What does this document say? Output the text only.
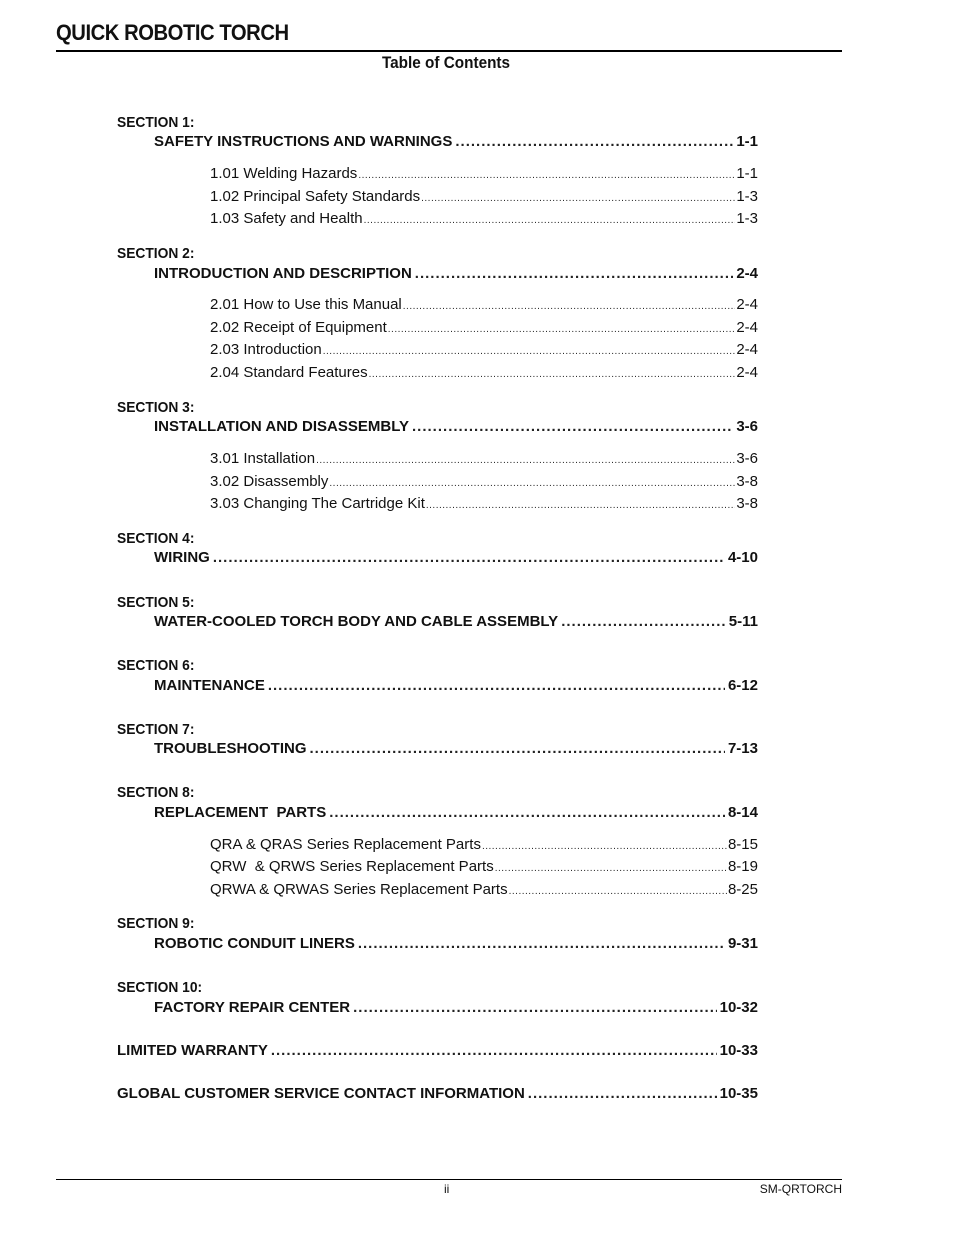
QUICK ROBOTIC TORCH
Table of Contents
SECTION 1:
SAFETY INSTRUCTIONS AND WARNINGS .....	1-1
1.01 Welding Hazards .....	1-1
1.02 Principal Safety Standards .....	1-3
1.03 Safety and Health .....	1-3
SECTION 2:
INTRODUCTION AND DESCRIPTION .....	2-4
2.01 How to Use this Manual .....	2-4
2.02 Receipt of Equipment .....	2-4
2.03 Introduction .....	2-4
2.04 Standard Features .....	2-4
SECTION 3:
INSTALLATION AND DISASSEMBLY .....	3-6
3.01 Installation .....	3-6
3.02 Disassembly .....	3-8
3.03 Changing The Cartridge Kit .....	3-8
SECTION 4:
WIRING .....	4-10
SECTION 5:
WATER-COOLED TORCH BODY AND CABLE ASSEMBLY .....	5-11
SECTION 6:
MAINTENANCE .....	6-12
SECTION 7:
TROUBLESHOOTING .....	7-13
SECTION 8:
REPLACEMENT  PARTS .....	8-14
QRA & QRAS Series Replacement Parts .....	8-15
QRW  & QRWS Series Replacement Parts .....	8-19
QRWA & QRWAS Series Replacement Parts .....	8-25
SECTION 9:
ROBOTIC CONDUIT LINERS .....	9-31
SECTION 10:
FACTORY REPAIR CENTER .....	10-32
LIMITED WARRANTY .....	10-33
GLOBAL CUSTOMER SERVICE CONTACT INFORMATION .....	10-35
ii	SM-QRTORCH
